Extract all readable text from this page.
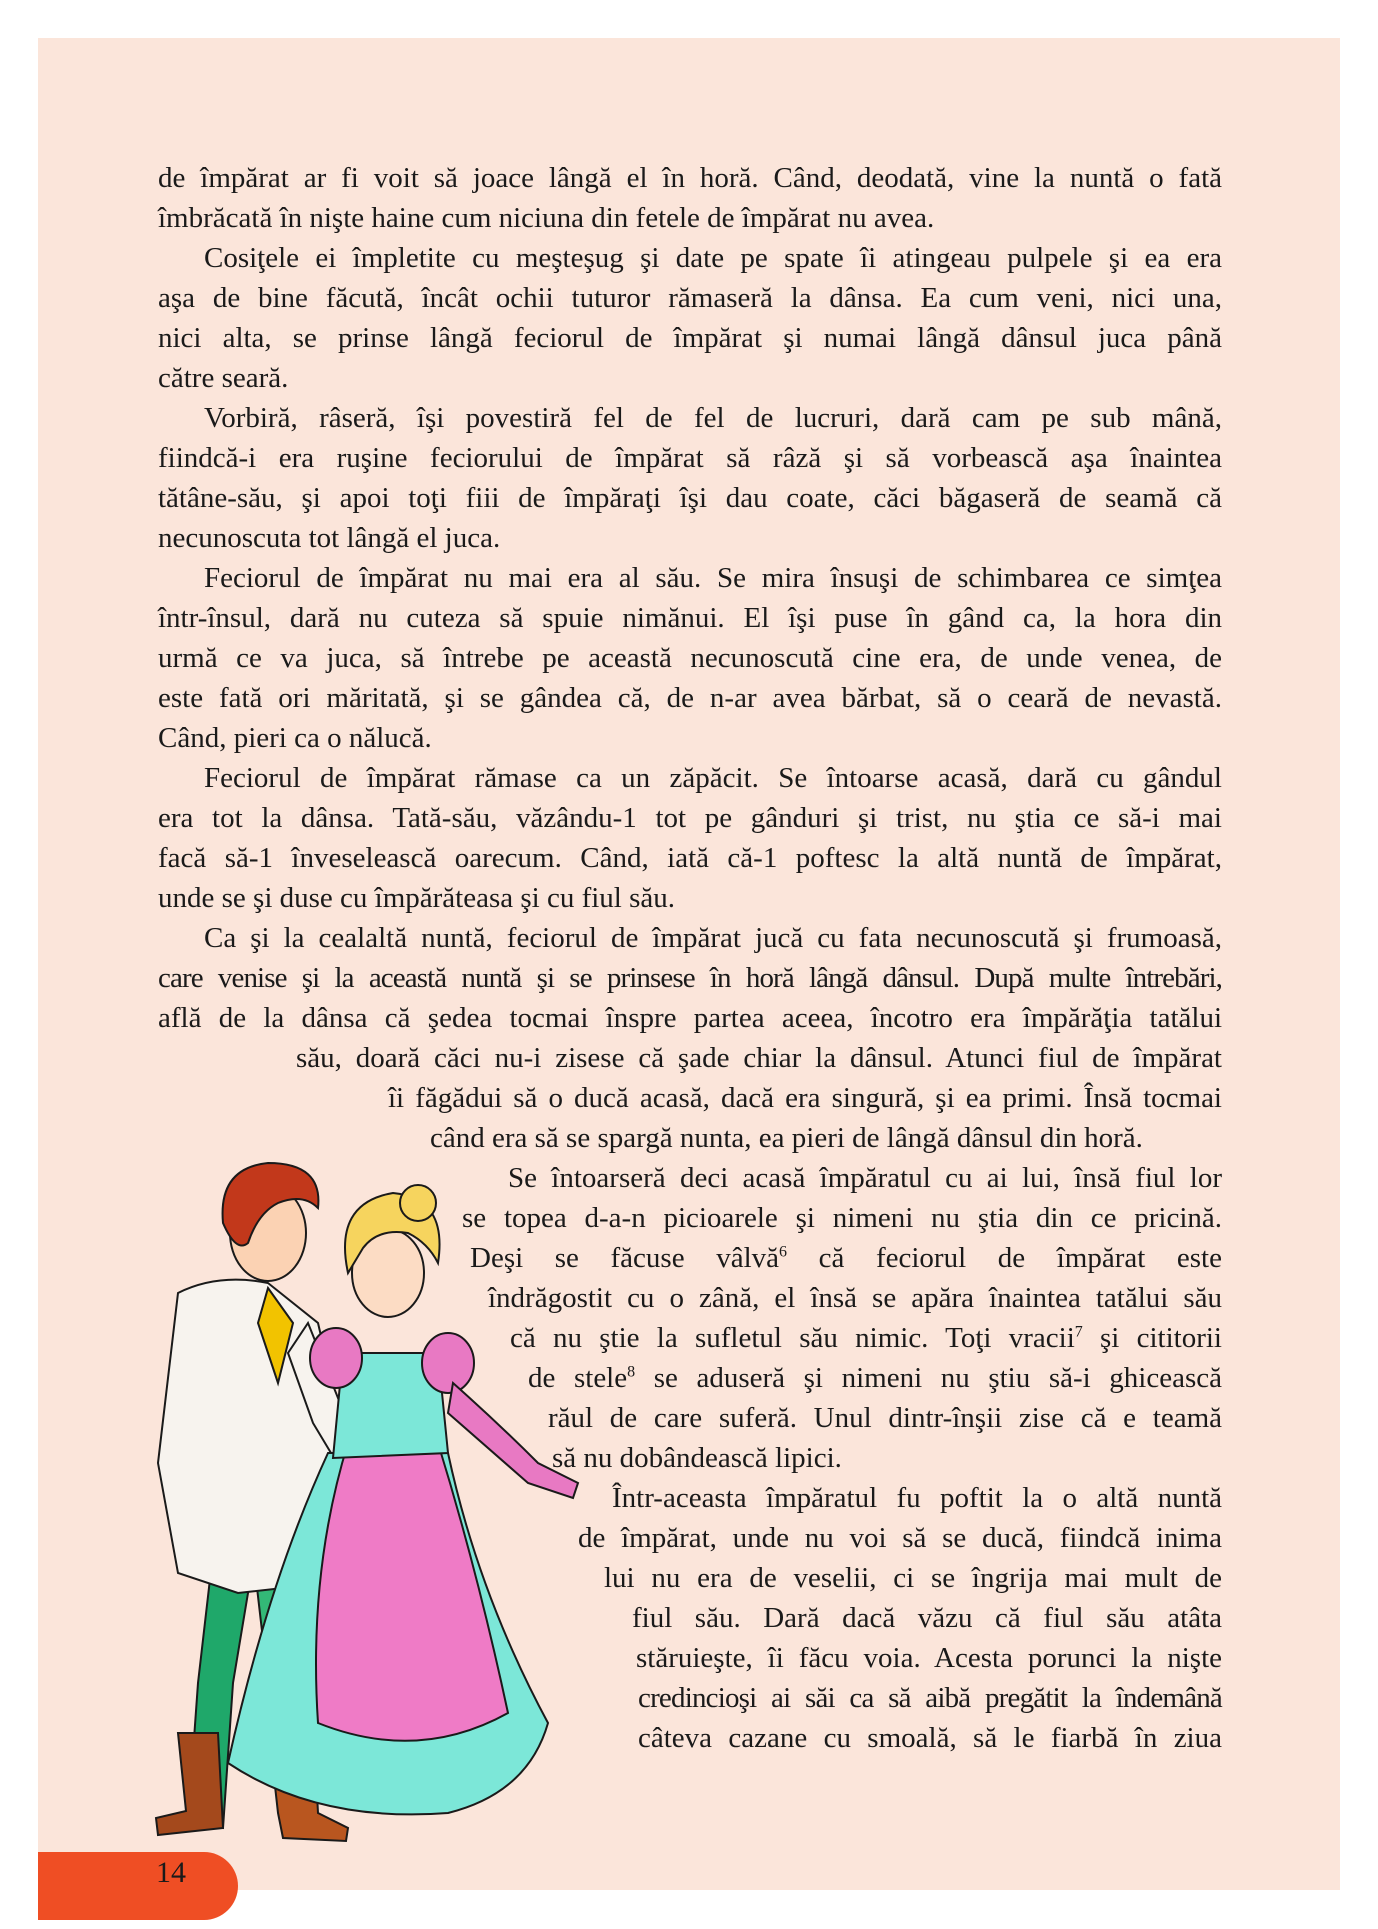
de împărat ar fi voit să joace lângă el în horă. Când, deodată, vine la nuntă o fată
îmbrăcată în nişte haine cum niciuna din fetele de împărat nu avea.
Cosiţele ei împletite cu meşteşug şi date pe spate îi atingeau pulpele şi ea era
aşa de bine făcută, încât ochii tuturor rămaseră la dânsa. Ea cum veni, nici una,
nici alta, se prinse lângă feciorul de împărat şi numai lângă dânsul juca până
către seară.
Vorbiră, râseră, îşi povestiră fel de fel de lucruri, dară cam pe sub mână,
fiindcă-i era ruşine feciorului de împărat să râză şi să vorbească aşa înaintea
tătâne-său, şi apoi toţi fiii de împăraţi îşi dau coate, căci băgaseră de seamă că
necunoscuta tot lângă el juca.
Feciorul de împărat nu mai era al său. Se mira însuşi de schimbarea ce simţea
într-însul, dară nu cuteza să spuie nimănui. El îşi puse în gând ca, la hora din
urmă ce va juca, să întrebe pe această necunoscută cine era, de unde venea, de
este fată ori măritată, şi se gândea că, de n-ar avea bărbat, să o ceară de nevastă.
Când, pieri ca o nălucă.
Feciorul de împărat rămase ca un zăpăcit. Se întoarse acasă, dară cu gândul
era tot la dânsa. Tată-său, văzându-1 tot pe gânduri şi trist, nu ştia ce să-i mai
facă să-1 înveselească oarecum. Când, iată că-1 poftesc la altă nuntă de împărat,
unde se şi duse cu împărăteasa şi cu fiul său.
Ca şi la cealaltă nuntă, feciorul de împărat jucă cu fata necunoscută şi frumoasă,
care venise şi la această nuntă şi se prinsese în horă lângă dânsul. După multe întrebări,
află de la dânsa că şedea tocmai înspre partea aceea, încotro era împărăţia tatălui
său, doară căci nu-i zisese că şade chiar la dânsul. Atunci fiul de împărat
îi făgădui să o ducă acasă, dacă era singură, şi ea primi. Însă tocmai
când era să se spargă nunta, ea pieri de lângă dânsul din horă.
Se întoarseră deci acasă împăratul cu ai lui, însă fiul lor
se topea d-a-n picioarele şi nimeni nu ştia din ce pricină.
Deşi se făcuse vâlvă$^6$ că feciorul de împărat este
îndrăgostit cu o zână, el însă se apăra înaintea tatălui său
că nu ştie la sufletul său nimic. Toţi vracii$^7$ şi cititorii
de stele$^8$ se aduseră şi nimeni nu ştiu să-i ghicească
răul de care suferă. Unul dintr-înşii zise că e teamă
să nu dobândească lipici.
Într-aceasta împăratul fu poftit la o altă nuntă
de împărat, unde nu voi să se ducă, fiindcă inima
lui nu era de veselii, ci se îngrija mai mult de
fiul său. Dară dacă văzu că fiul său atâta
stăruieşte, îi făcu voia. Acesta porunci la nişte
credincioşi ai săi ca să aibă pregătit la îndemână
câteva cazane cu smoală, să le fiarbă în ziua
14
